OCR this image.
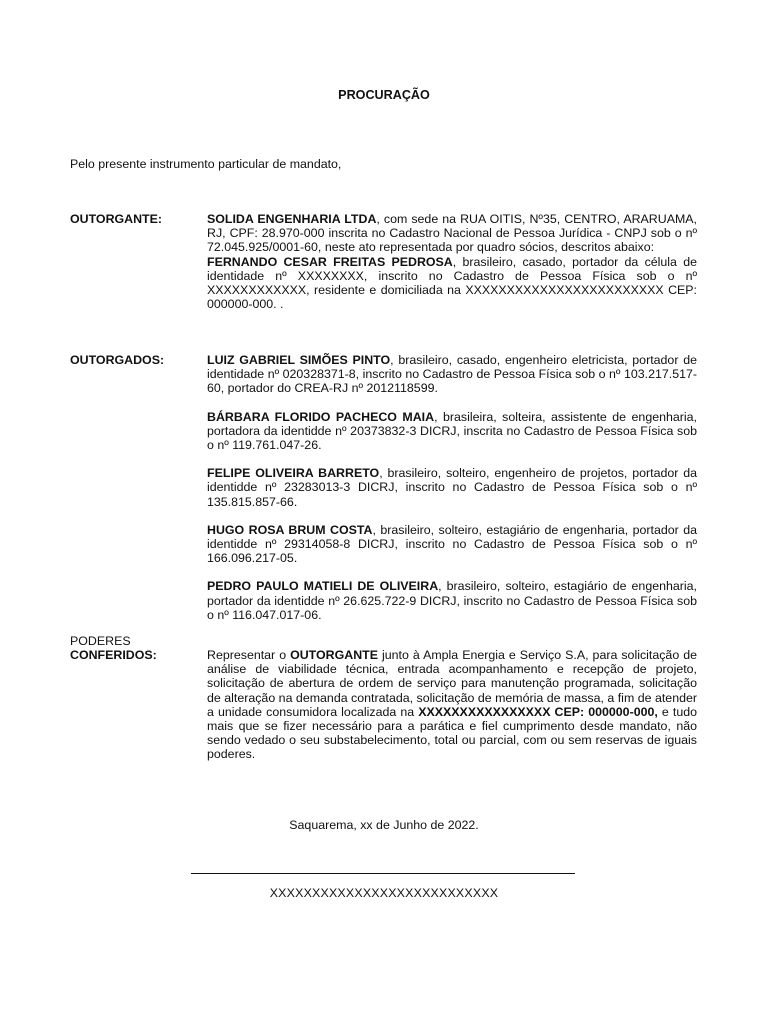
PROCURAÇÃO
Pelo presente instrumento particular de mandato,
OUTORGANTE:	SOLIDA ENGENHARIA LTDA, com sede na RUA OITIS, Nº35, CENTRO, ARARUAMA, RJ, CPF: 28.970-000 inscrita no Cadastro Nacional de Pessoa Jurídica - CNPJ sob o nº 72.045.925/0001-60, neste ato representada por quadro sócios, descritos abaixo:

FERNANDO CESAR FREITAS PEDROSA, brasileiro, casado, portador da célula de identidade nº XXXXXXXX, inscrito no Cadastro de Pessoa Física sob o nº XXXXXXXXXXXX, residente e domiciliada na XXXXXXXXXXXXXXXXXXXXXXXX CEP: 000000-000. .

OUTORGADOS:	LUIZ GABRIEL SIMÕES PINTO, brasileiro, casado, engenheiro eletricista, portador de identidade nº 020328371-8, inscrito no Cadastro de Pessoa Física sob o nº 103.217.517-60, portador do CREA-RJ nº 2012118599.

BÁRBARA FLORIDO PACHECO MAIA, brasileira, solteira, assistente de engenharia, portadora da identidde nº 20373832-3 DICRJ, inscrita no Cadastro de Pessoa Física sob o nº 119.761.047-26.

FELIPE OLIVEIRA BARRETO, brasileiro, solteiro, engenheiro de projetos, portador da identidde nº 23283013-3 DICRJ, inscrito no Cadastro de Pessoa Física sob o nº 135.815.857-66.

HUGO ROSA BRUM COSTA, brasileiro, solteiro, estagiário de engenharia, portador da identidde nº 29314058-8 DICRJ, inscrito no Cadastro de Pessoa Física sob o nº 166.096.217-05.

PEDRO PAULO MATIELI DE OLIVEIRA, brasileiro, solteiro, estagiário de engenharia, portador da identidde nº 26.625.722-9 DICRJ, inscrito no Cadastro de Pessoa Física sob o nº 116.047.017-06.

PODERES
CONFERIDOS:	Representar o OUTORGANTE junto à Ampla Energia e Serviço S.A, para solicitação de análise de viabilidade técnica, entrada acompanhamento e recepção de projeto, solicitação de abertura de ordem de serviço para manutenção programada, solicitação de alteração na demanda contratada, solicitação de memória de massa, a fim de atender a unidade consumidora localizada na XXXXXXXXXXXXXXXX CEP: 000000-000, e tudo mais que se fizer necessário para a parática e fiel cumprimento desde mandato, não sendo vedado o seu substabelecimento, total ou parcial, com ou sem reservas de iguais poderes.

Saquarema, xx de Junho de 2022.
XXXXXXXXXXXXXXXXXXXXXXXXXXX
